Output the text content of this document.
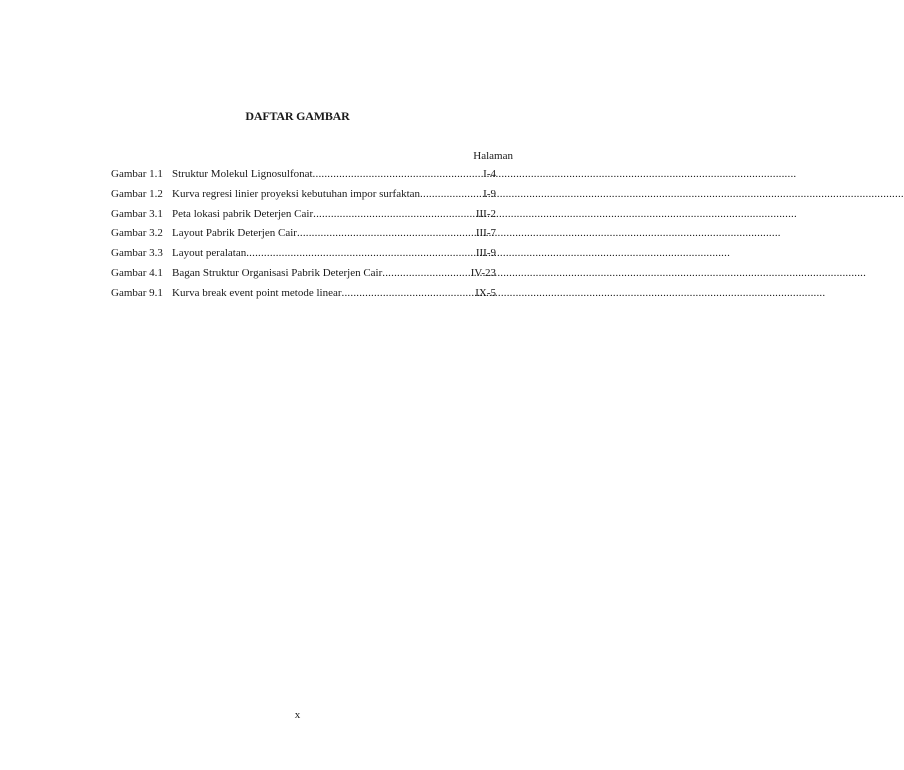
DAFTAR GAMBAR
Halaman
Gambar 1.1 Struktur Molekul Lignosulfonat .....	I-4
Gambar 1.2 Kurva regresi linier proyeksi kebutuhan impor surfaktan .....	I-9
Gambar 3.1 Peta lokasi pabrik Deterjen Cair .....	III-2
Gambar 3.2 Layout Pabrik Deterjen Cair .....	III-7
Gambar 3.3 Layout peralatan .....	III-9
Gambar 4.1 Bagan Struktur Organisasi Pabrik Deterjen Cair .....	IV-23
Gambar 9.1 Kurva break event point metode linear .....	IX-5
x
